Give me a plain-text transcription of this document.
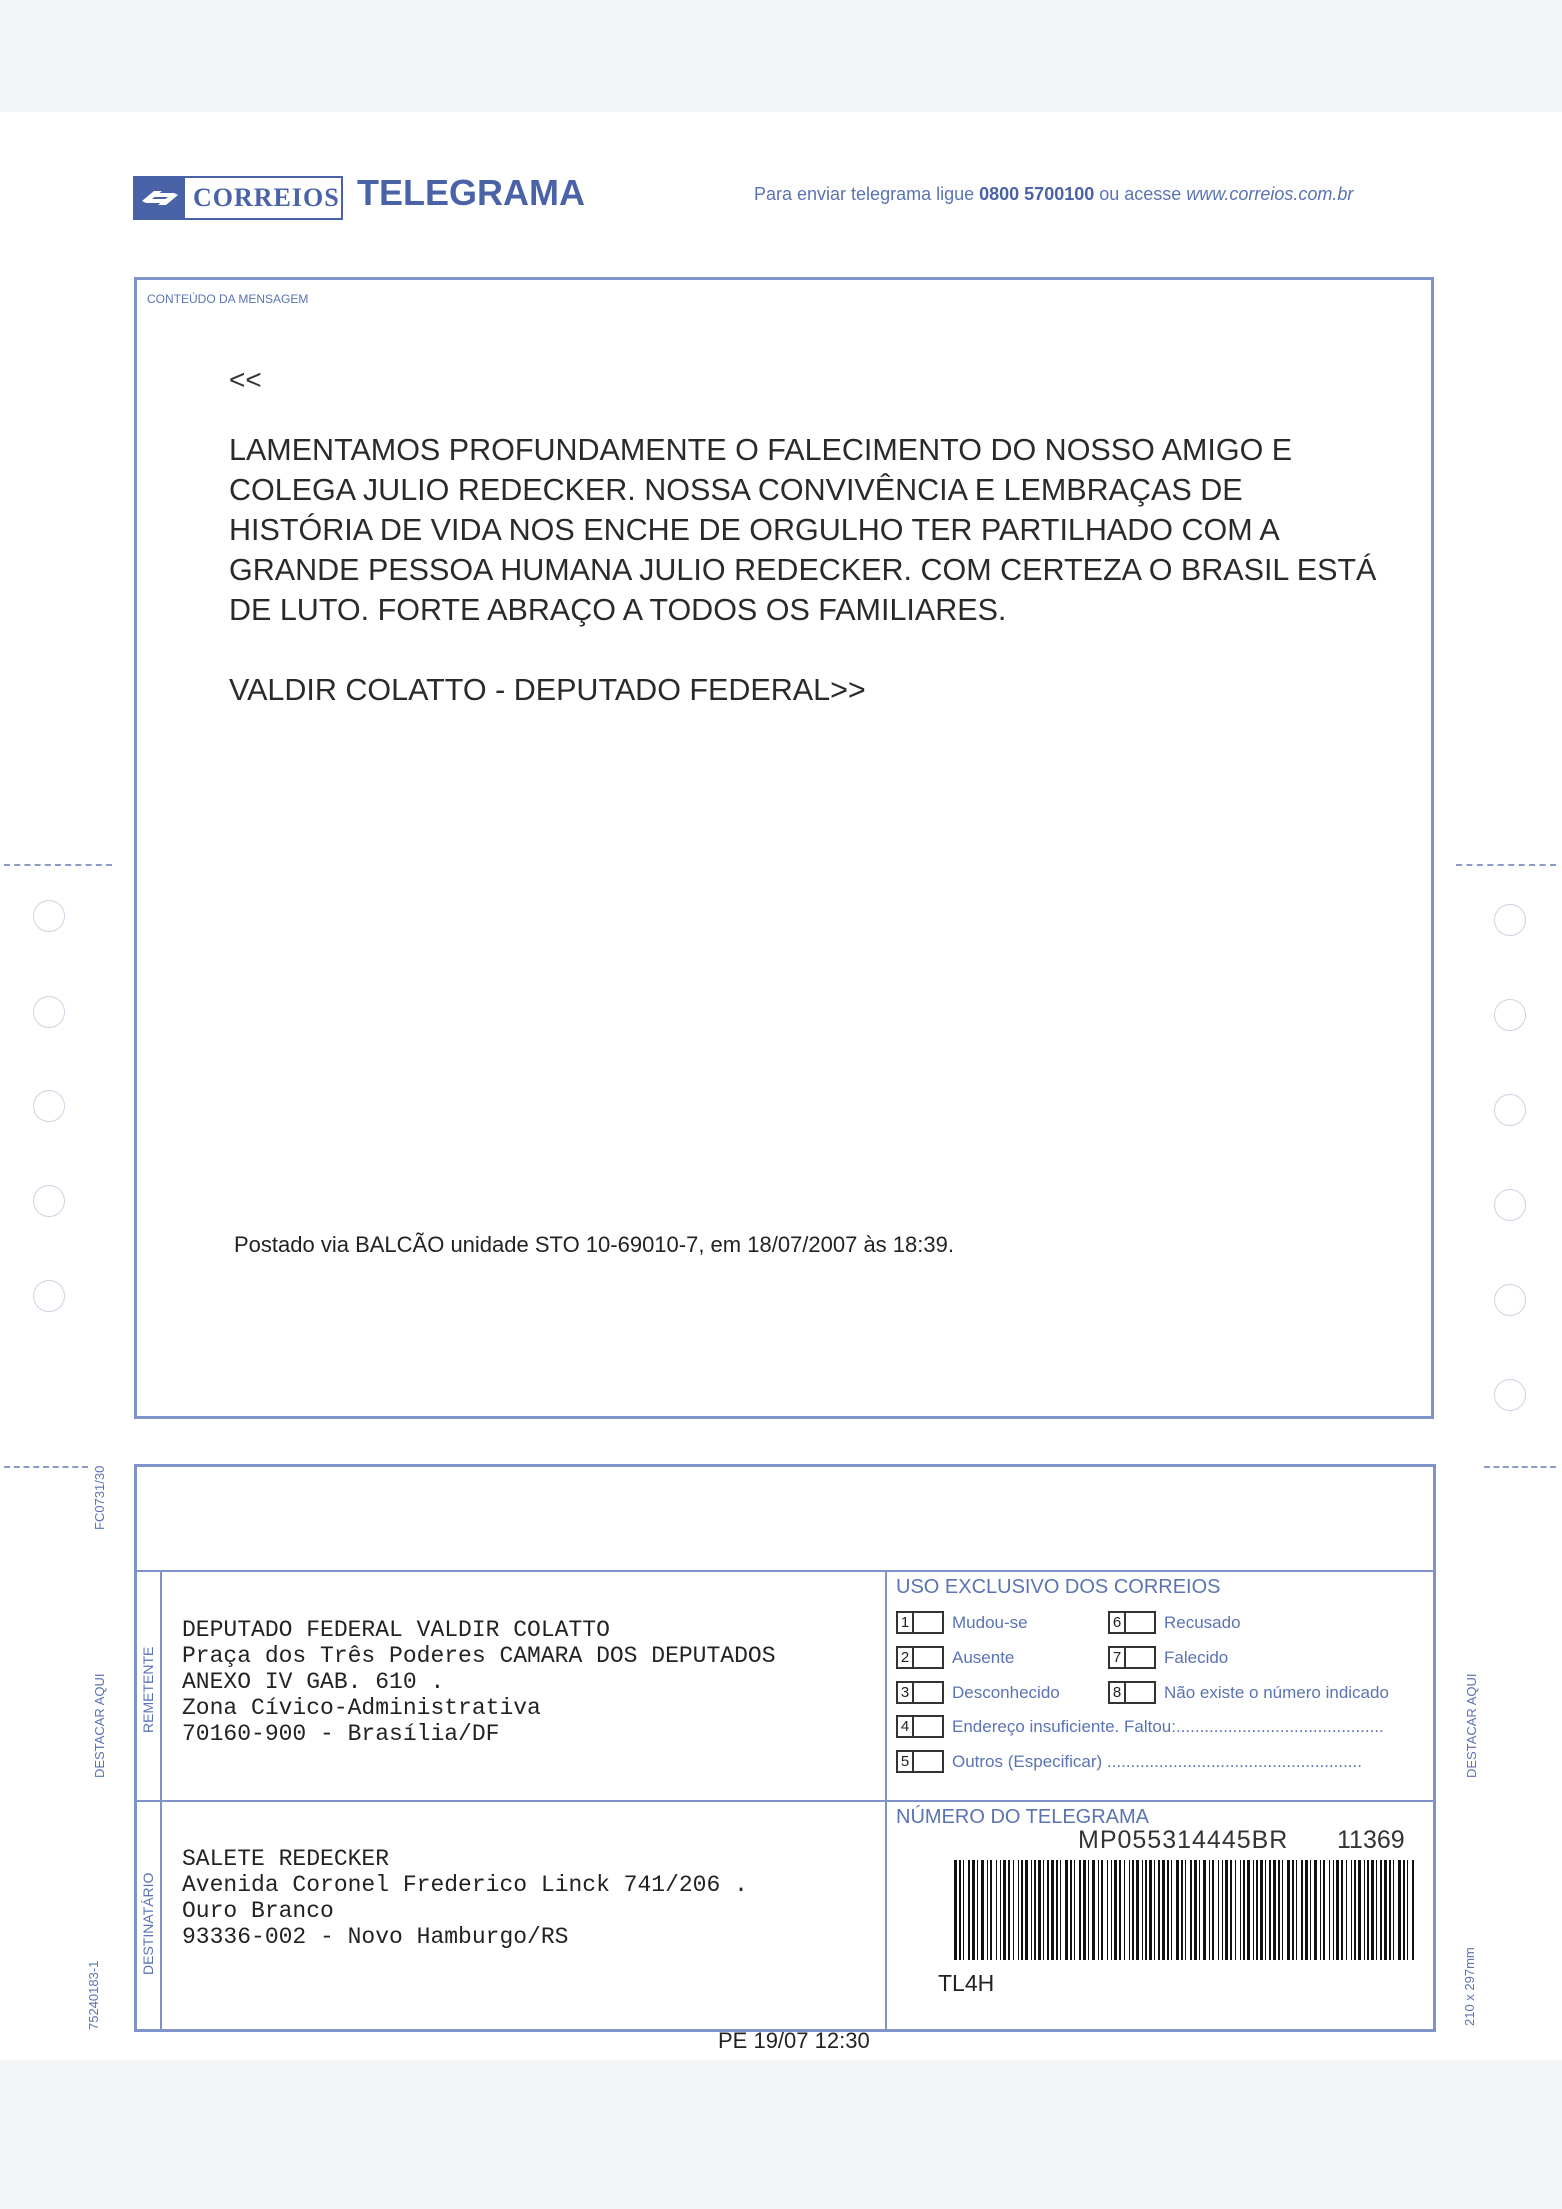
FC0731/30
DESTACAR AQUI
75240183-1
DESTACAR AQUI
210 x 297mm
CORREIOS TELEGRAMA	Para enviar telegrama ligue 0800 5700100 ou acesse www.correios.com.br
CONTEÚDO DA MENSAGEM
<<

LAMENTAMOS PROFUNDAMENTE O FALECIMENTO DO NOSSO AMIGO E

COLEGA JULIO REDECKER. NOSSA CONVIVÊNCIA E LEMBRAÇAS DE

HISTÓRIA DE VIDA NOS ENCHE DE ORGULHO TER PARTILHADO COM A

GRANDE PESSOA HUMANA JULIO REDECKER. COM CERTEZA O BRASIL ESTÁ

DE LUTO. FORTE ABRAÇO A TODOS OS FAMILIARES.

VALDIR COLATTO - DEPUTADO FEDERAL>>

Postado via BALCÃO unidade STO 10-69010-7, em 18/07/2007 às 18:39.
REMETENTE
DESTINATÁRIO
DEPUTADO FEDERAL VALDIR COLATTO
Praça dos Três Poderes CAMARA DOS DEPUTADOS
ANEXO IV GAB. 610 .
Zona Cívico-Administrativa
70160-900 - Brasília/DF
SALETE REDECKER
Avenida Coronel Frederico Linck 741/206 .
Ouro Branco
93336-002 - Novo Hamburgo/RS
USO EXCLUSIVO DOS CORREIOS
1	Mudou-se	6	Recusado
2	Ausente	7	Falecido
3	Desconhecido	8	Não existe o número indicado
4	Endereço insuficiente. Faltou:............................................
5	Outros (Especificar) ......................................................
NÚMERO DO TELEGRAMA
MP055314445BR 11369
TL4H
PE 19/07 12:30
